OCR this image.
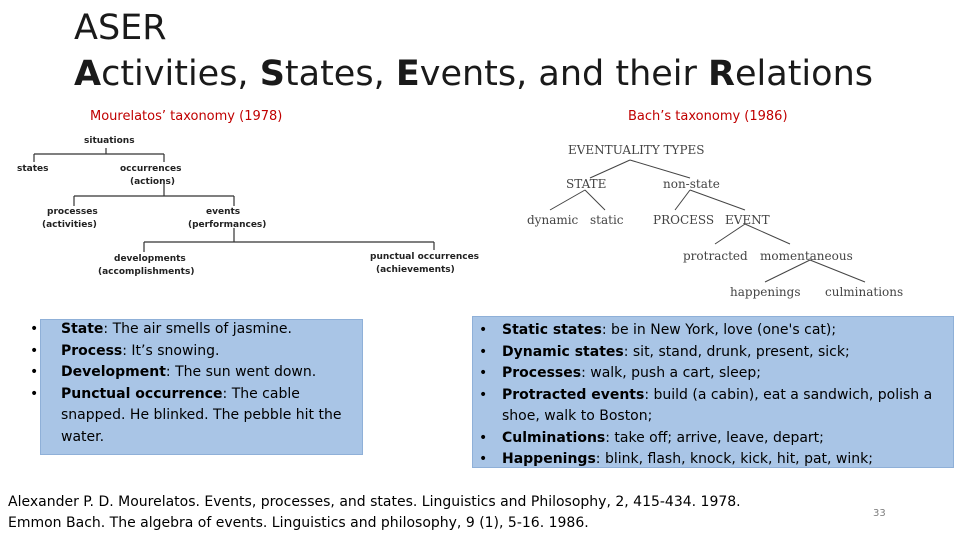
ASER
Activities, States, Events, and their Relations
Mourelatos’ taxonomy (1978)	Bach’s taxonomy (1986)
situations
states	occurrences
(actions)
processes
(activities)
events
(performances)
developments
(accomplishments)
punctual occurrences
(achievements)
EVENTUALITY TYPES
STATE	non-state
dynamic static PROCESS EVENT
protracted momentaneous
happenings culminations
• State: The air smells of jasmine.
• Process: It’s snowing.
• Development: The sun went down.
• Punctual occurrence: The cable snapped. He blinked. The pebble hit the water.
• Static states: be in New York, love (one's cat);
• Dynamic states: sit, stand, drunk, present, sick;
• Processes: walk, push a cart, sleep;
• Protracted events: build (a cabin), eat a sandwich, polish a shoe, walk to Boston;
• Culminations: take off; arrive, leave, depart;
• Happenings: blink, flash, knock, kick, hit, pat, wink;
Alexander P. D. Mourelatos. Events, processes, and states. Linguistics and Philosophy, 2, 415-434. 1978.
Emmon Bach. The algebra of events. Linguistics and philosophy, 9 (1), 5-16. 1986.
33
